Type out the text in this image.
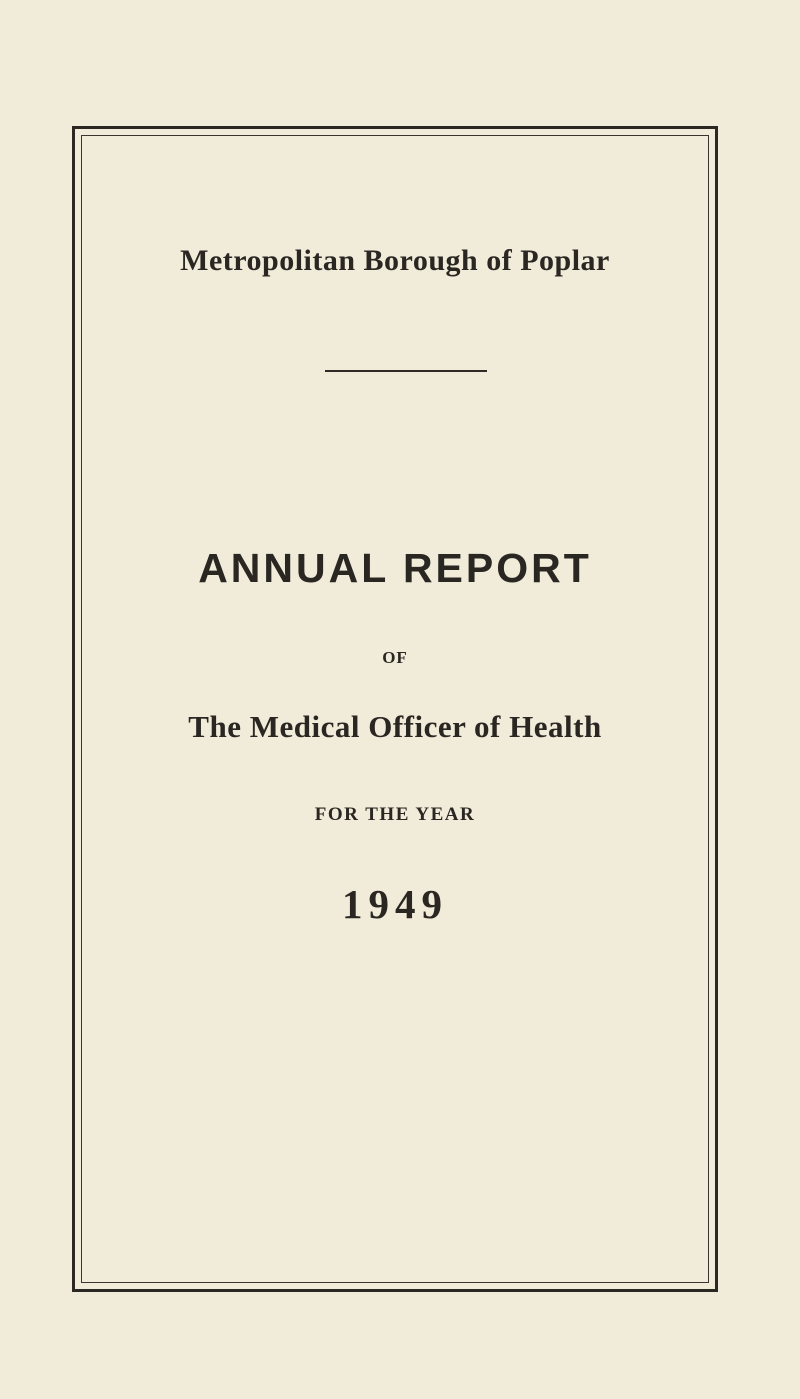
Metropolitan Borough of Poplar
ANNUAL REPORT
OF
The Medical Officer of Health
FOR THE YEAR
1949
